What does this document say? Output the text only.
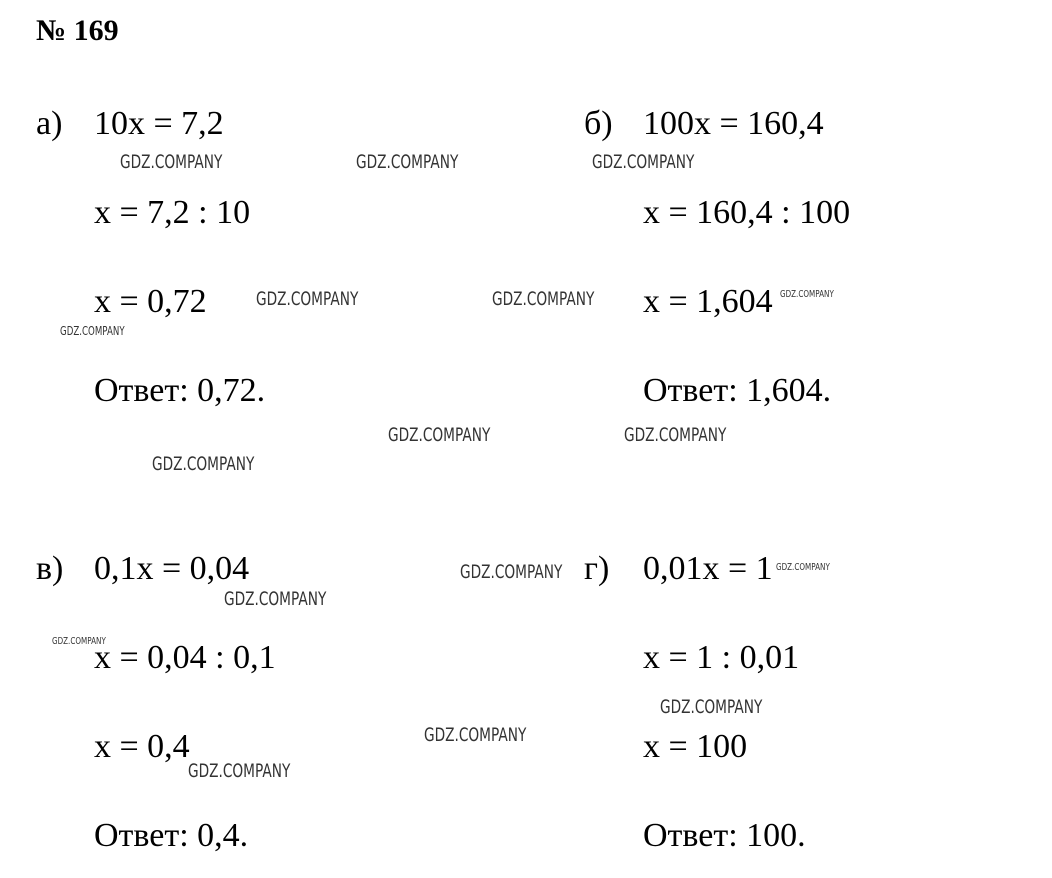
№ 169
а) 10х = 7,2
х = 7,2 : 10
х = 0,72
Ответ: 0,72.
б) 100х = 160,4
х = 160,4 : 100
х = 1,604
Ответ: 1,604.
в) 0,1х = 0,04
х = 0,04 : 0,1
х = 0,4
Ответ: 0,4.
г) 0,01х = 1
х = 1 : 0,01
х = 100
Ответ: 100.
GDZ.COMPANY	GDZ.COMPANY	GDZ.COMPANY
GDZ.COMPANY	GDZ.COMPANY
GDZ.COMPANY
GDZ.COMPANY
GDZ.COMPANY	GDZ.COMPANY
GDZ.COMPANY
GDZ.COMPANY	GDZ.COMPANY
GDZ.COMPANY
GDZ.COMPANY
GDZ.COMPANY
GDZ.COMPANY
GDZ.COMPANY
